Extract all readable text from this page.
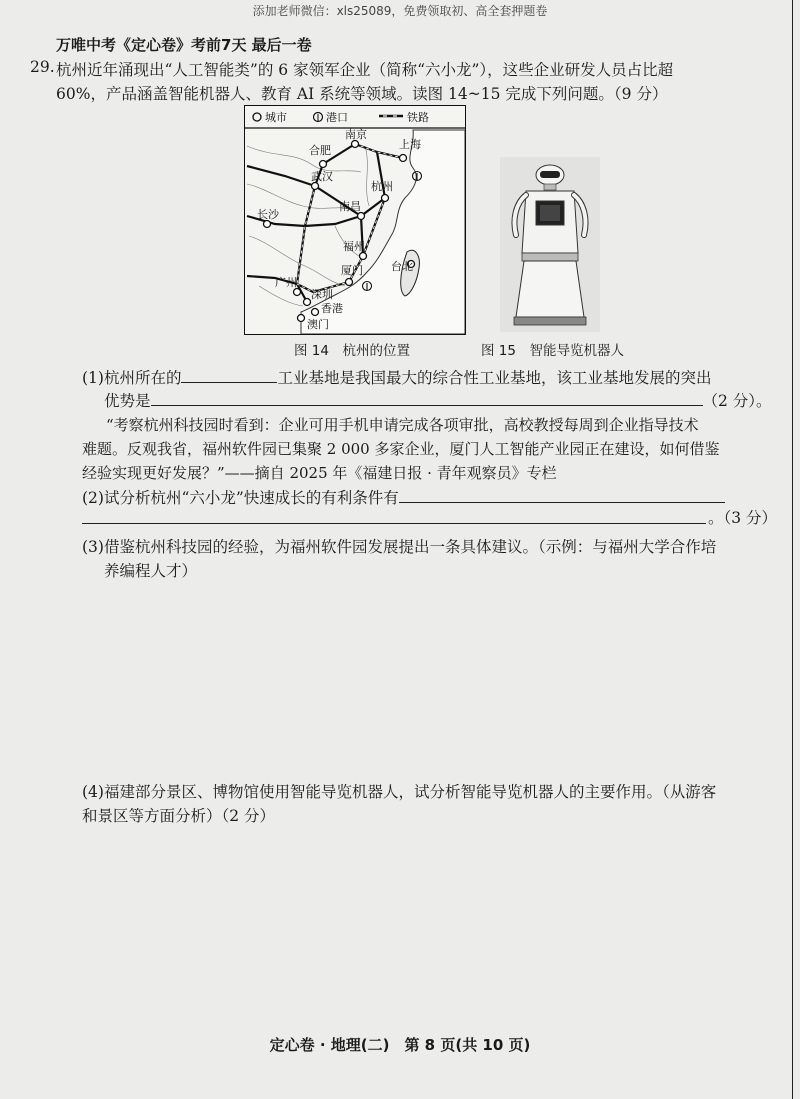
添加老师微信：xls25089，免费领取初、高全套押题卷
万唯中考《定心卷》考前7天 最后一卷
29. 杭州近年涌现出“人工智能类”的 6 家领军企业（简称“六小龙”），这些企业研发人员占比超
60%，产品涵盖智能机器人、教育 AI 系统等领域。读图 14~15 完成下列问题。（9 分）
城市	港口	铁路
南京
合肥	上海
武汉
杭州
长沙
南昌
福州
厦门	台北
广州
深圳
香港
澳门
图 14　杭州的位置	图 15　智能导览机器人
(1)杭州所在的	工业基地是我国最大的综合性工业基地，该工业基地发展的突出
优势是	（2 分）。
“考察杭州科技园时看到：企业可用手机申请完成各项审批，高校教授每周到企业指导技术
难题。反观我省，福州软件园已集聚 2 000 多家企业，厦门人工智能产业园正在建设，如何借鉴
经验实现更好发展？”——摘自 2025 年《福建日报 · 青年观察员》专栏
(2)试分析杭州“六小龙”快速成长的有利条件有
。（3 分）
(3)借鉴杭州科技园的经验，为福州软件园发展提出一条具体建议。（示例：与福州大学合作培
养编程人才）
(4)福建部分景区、博物馆使用智能导览机器人，试分析智能导览机器人的主要作用。（从游客
和景区等方面分析）（2 分）
定心卷 · 地理(二)　第 8 页(共 10 页)
